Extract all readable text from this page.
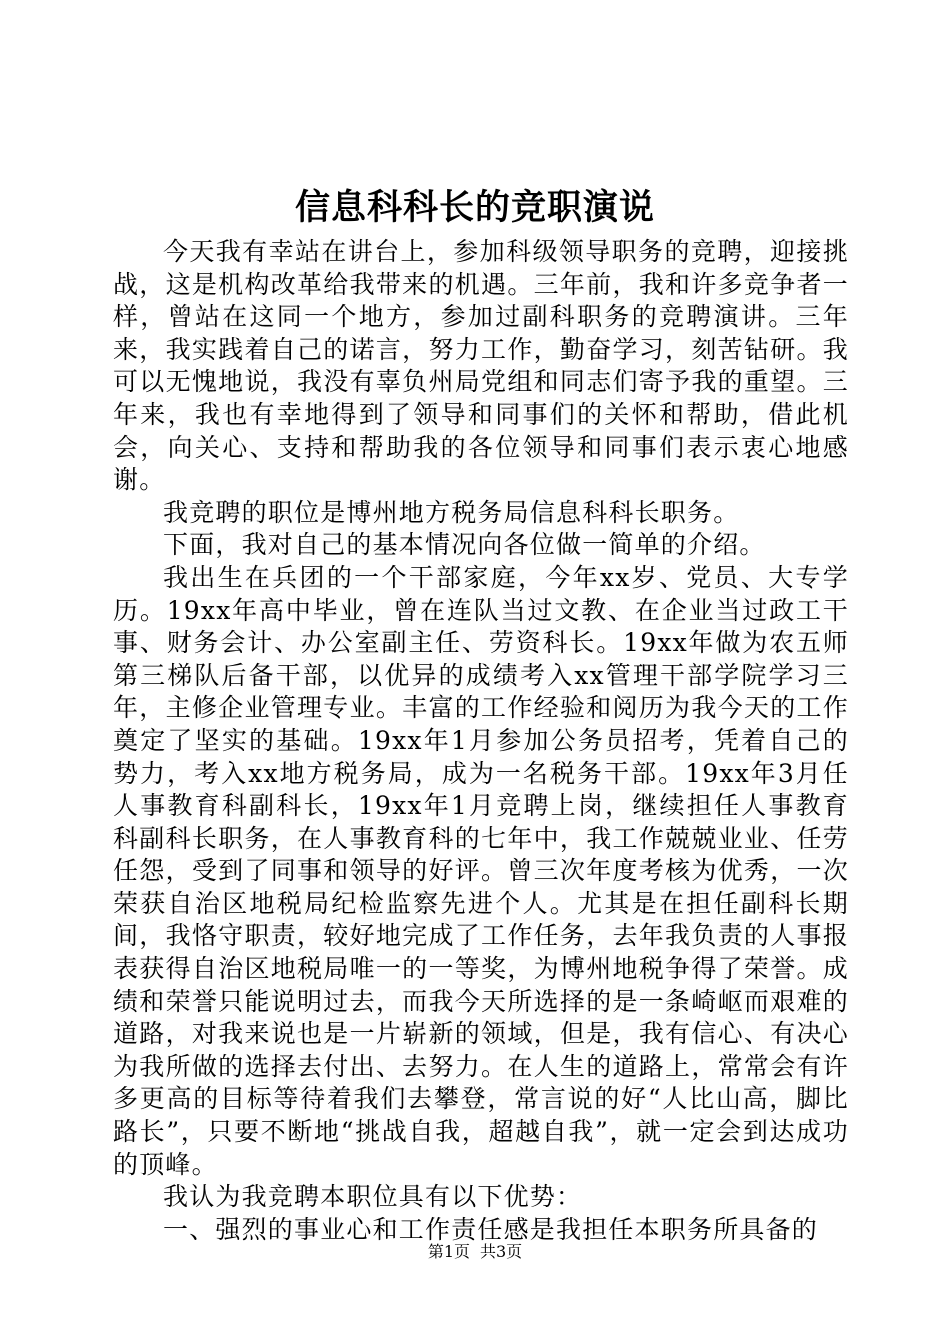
信息科科长的竞职演说

今天我有幸站在讲台上，参加科级领导职务的竞聘，迎接挑战，这是机构改革给我带来的机遇。三年前，我和许多竞争者一样，曾站在这同一个地方，参加过副科职务的竞聘演讲。三年来，我实践着自己的诺言，努力工作，勤奋学习，刻苦钻研。我可以无愧地说，我没有辜负州局党组和同志们寄予我的重望。三年来，我也有幸地得到了领导和同事们的关怀和帮助，借此机会，向关心、支持和帮助我的各位领导和同事们表示衷心地感谢。

我竞聘的职位是博州地方税务局信息科科长职务。

下面，我对自己的基本情况向各位做一简单的介绍。

我出生在兵团的一个干部家庭，今年xx岁、党员、大专学历。19xx年高中毕业，曾在连队当过文教、在企业当过政工干事、财务会计、办公室副主任、劳资科长。19xx年做为农五师第三梯队后备干部，以优异的成绩考入xx管理干部学院学习三年，主修企业管理专业。丰富的工作经验和阅历为我今天的工作奠定了坚实的基础。19xx年1月参加公务员招考，凭着自己的势力，考入xx地方税务局，成为一名税务干部。19xx年3月任人事教育科副科长，19xx年1月竞聘上岗，继续担任人事教育科副科长职务，在人事教育科的七年中，我工作兢兢业业、任劳任怨，受到了同事和领导的好评。曾三次年度考核为优秀，一次荣获自治区地税局纪检监察先进个人。尤其是在担任副科长期间，我恪守职责，较好地完成了工作任务，去年我负责的人事报表获得自治区地税局唯一的一等奖，为博州地税争得了荣誉。成绩和荣誉只能说明过去，而我今天所选择的是一条崎岖而艰难的道路，对我来说也是一片崭新的领域，但是，我有信心、有决心为我所做的选择去付出、去努力。在人生的道路上，常常会有许多更高的目标等待着我们去攀登，常言说的好“人比山高，脚比路长”，只要不断地“挑战自我，超越自我”，就一定会到达成功的顶峰。

我认为我竞聘本职位具有以下优势：

一、强烈的事业心和工作责任感是我担任本职务所具备的

第1页 共3页
